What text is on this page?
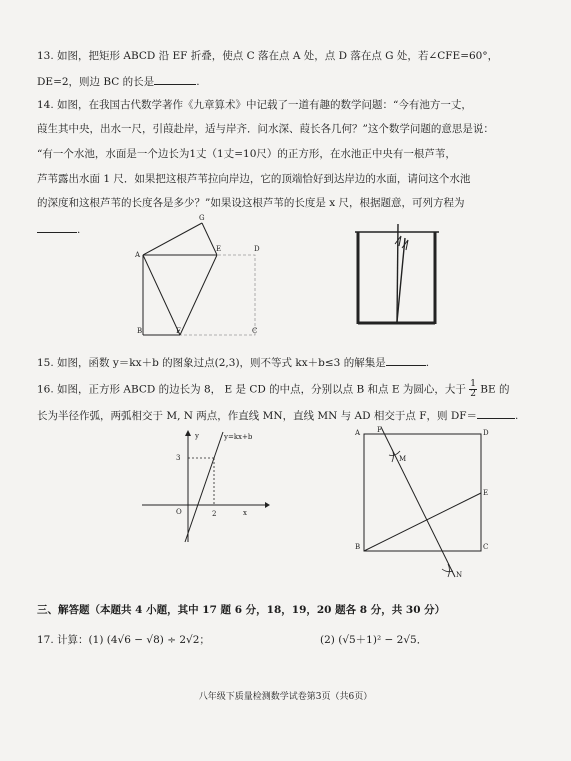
13. 如图，把矩形 ABCD 沿 EF 折叠，使点 C 落在点 A 处，点 D 落在点 G 处，若∠CFE=60°，
DE=2，则边 BC 的长是	.
14. 如图，在我国古代数学著作《九章算术》中记载了一道有趣的数学问题：“今有池方一丈，
葭生其中央，出水一尺，引葭赴岸，适与岸齐．问水深、葭长各几何？”这个数学问题的意思是说：
“有一个水池，水面是一个边长为1丈（1丈=10尺）的正方形，在水池正中央有一根芦苇，
芦苇露出水面 1 尺．如果把这根芦苇拉向岸边，它的顶端恰好到达岸边的水面，请问这个水池
的深度和这根芦苇的长度各是多少？”如果设这根芦苇的长度是 x 尺，根据题意，可列方程为
.
G
A
E	D
B	F	C
15. 如图，函数 y＝kx＋b 的图象过点(2,3)，则不等式 kx＋b≤3 的解集是	.
16. 如图，正方形 ABCD 的边长为 8， E 是 CD 的中点，分别以点 B 和点 E 为圆心，大于 $\frac{1}{2}$ BE 的
长为半径作弧，两弧相交于 M, N 两点，作直线 MN，直线 MN 与 AD 相交于点 F，则 DF＝	.
y	y=kx+b
3
O	2	x
A F	D
M
E
B	C
N
三、解答题（本题共 4 小题，其中 17 题 6 分，18，19，20 题各 8 分，共 30 分）
17. 计算：(1) (4√6 − √8) ÷ 2√2；	(2) (√5＋1)² − 2√5．
八年级下质量检测数学试卷第3页（共6页）
